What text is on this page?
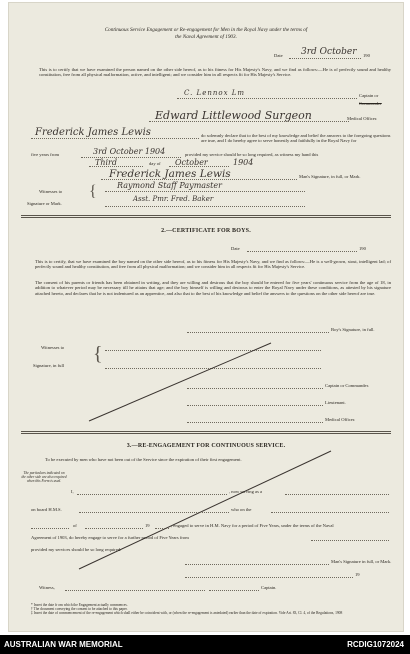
Continuous Service Engagement or Re-engagement for Men in the Royal Navy under the terms of
the Naval Agreement of 1903.
Date 3rd October 190
This is to certify that we have examined the person named on the other side hereof, as to his fitness for His Majesty's Navy, and we find as follows:—He is of perfectly sound and healthy constitution, free from all physical malformation, active, and intelligent; and we consider him in all respects fit for His Majesty's Service.
C. Lennox Lm	Captain or
Commander
Edward Littlewood Surgeon	Medical Officer.
Frederick James Lewis	do solemnly declare that to the best of my knowledge and belief the answers to the foregoing questions are true, and I do hereby agree to serve honestly and faithfully in the Royal Navy for
five years from	3rd October 1904	provided my service should be so long required, as witness my hand this
Third	day of October	1904
Frederick James Lewis	Man's Signature, in full, or Mark.
Witnesses to {	Raymond Staff Paymaster
Signature or Mark.
Asst. Pmr. Fred. Baker
2.—CERTIFICATE FOR BOYS.
Date	190
This is to certify, that we have examined the boy named on the other side hereof, as to his fitness for His Majesty's Navy, and we find as follows:—He is a well-grown, stout, intelligent lad; of perfectly sound and healthy constitution, and free from all physical malformation; and we consider him in all respects fit for His Majesty's Service.
The consent of his parents or friends has been obtained in writing, and they are willing and desirous that the boy should be entered for five years' continuous service from the age of 18, in addition to whatever period may be necessary till he attains that age; and the boy himself is willing and desirous to enter the Royal Navy under these conditions, as attested by his signature attached hereto, and declares that he is not indentured as an apprentice, and also that to the best of his knowledge and belief the answers to the questions on the other side hereof are true.
Boy's Signature, in full.
Witnesses to {
Signature, in full
Captain or Commander.
Lieutenant.
Medical Officer.
3.—RE-ENGAGEMENT FOR CONTINUOUS SERVICE.
To be executed by men who have not been out of the Service since the expiration of their first engagement.
The particulars indicated on the other side are also required when this Form is used.
I,	, now serving as a
on board H.M.S.	who on the
of	19	, engaged to serve in H.M. Navy for a period of Five Years, under the terms of the Naval
Agreement of 1903, do hereby engage to serve for a further period of Five Years from
provided my services should be so long required.
Man's Signature in full, or Mark.
19
Witness,	Captain.
* Insert the date fr om which the Engagement actually commences.
† The document conveying the consent to be attached to this paper.
‡ Insert the date of commencement of the re-engagement which shall either be coincident with, or (when the re-engagement is antedated) earlier than the date of expiration. Vide Art. 83, Cl. 4, of the Regulations, 1908
AUSTRALIAN WAR MEMORIAL	RCDIG1072024
